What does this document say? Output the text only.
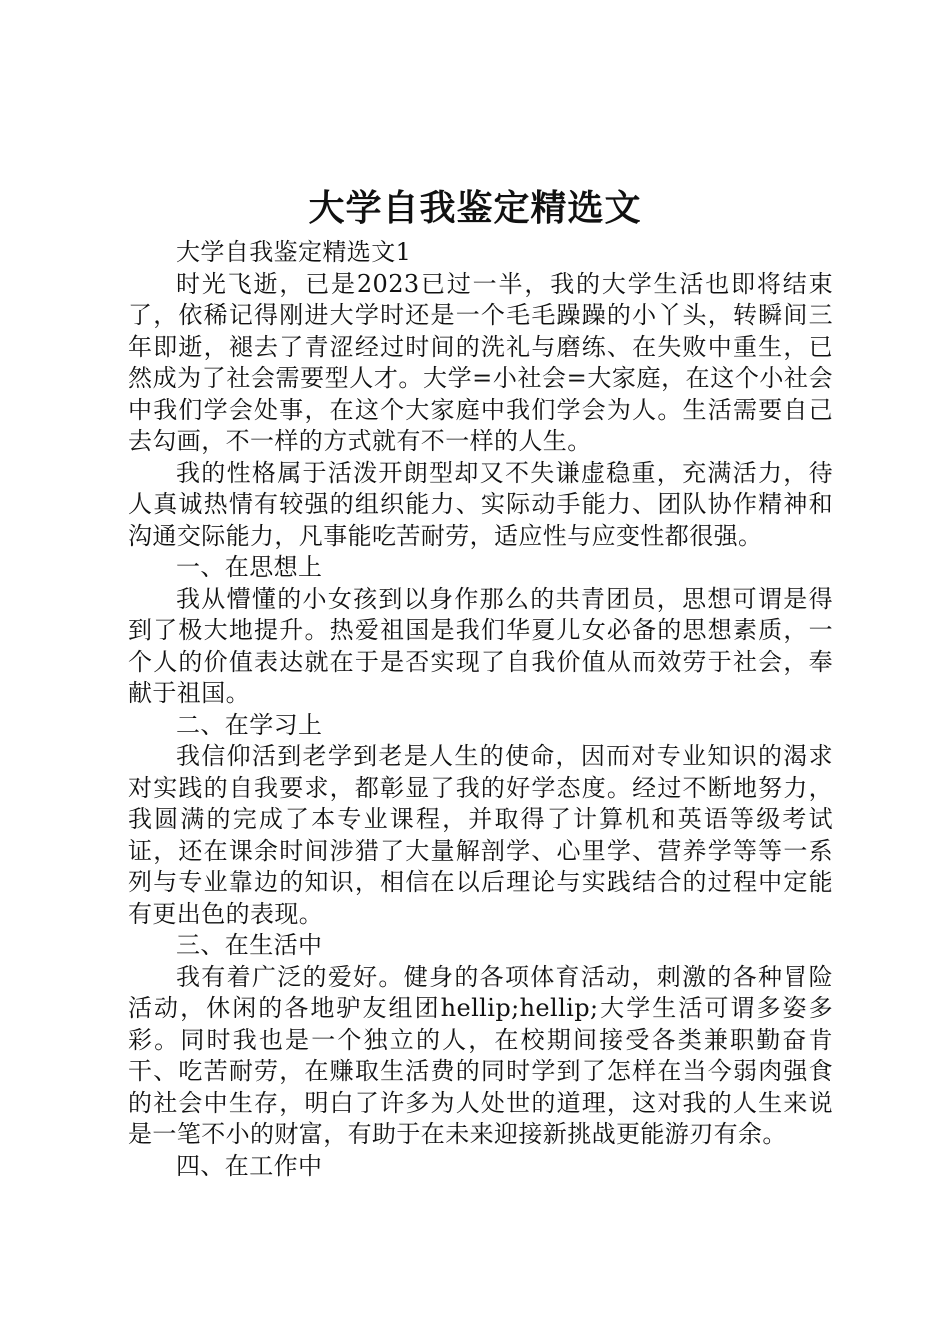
大学自我鉴定精选文

大学自我鉴定精选文1

时光飞逝，已是2023已过一半，我的大学生活也即将结束了，依稀记得刚进大学时还是一个毛毛躁躁的小丫头，转瞬间三年即逝，褪去了青涩经过时间的洗礼与磨练、在失败中重生，已然成为了社会需要型人才。大学=小社会=大家庭，在这个小社会中我们学会处事，在这个大家庭中我们学会为人。生活需要自己去勾画，不一样的方式就有不一样的人生。

我的性格属于活泼开朗型却又不失谦虚稳重，充满活力，待人真诚热情有较强的组织能力、实际动手能力、团队协作精神和沟通交际能力，凡事能吃苦耐劳，适应性与应变性都很强。

一、在思想上

我从懵懂的小女孩到以身作那么的共青团员，思想可谓是得到了极大地提升。热爱祖国是我们华夏儿女必备的思想素质，一个人的价值表达就在于是否实现了自我价值从而效劳于社会，奉献于祖国。

二、在学习上

我信仰活到老学到老是人生的使命，因而对专业知识的渴求对实践的自我要求，都彰显了我的好学态度。经过不断地努力，我圆满的完成了本专业课程，并取得了计算机和英语等级考试证，还在课余时间涉猎了大量解剖学、心里学、营养学等等一系列与专业靠边的知识，相信在以后理论与实践结合的过程中定能有更出色的表现。

三、在生活中

我有着广泛的爱好。健身的各项体育活动，刺激的各种冒险活动，休闲的各地驴友组团hellip;hellip;大学生活可谓多姿多彩。同时我也是一个独立的人，在校期间接受各类兼职勤奋肯干、吃苦耐劳，在赚取生活费的同时学到了怎样在当今弱肉强食的社会中生存，明白了许多为人处世的道理，这对我的人生来说是一笔不小的财富，有助于在未来迎接新挑战更能游刃有余。

四、在工作中
